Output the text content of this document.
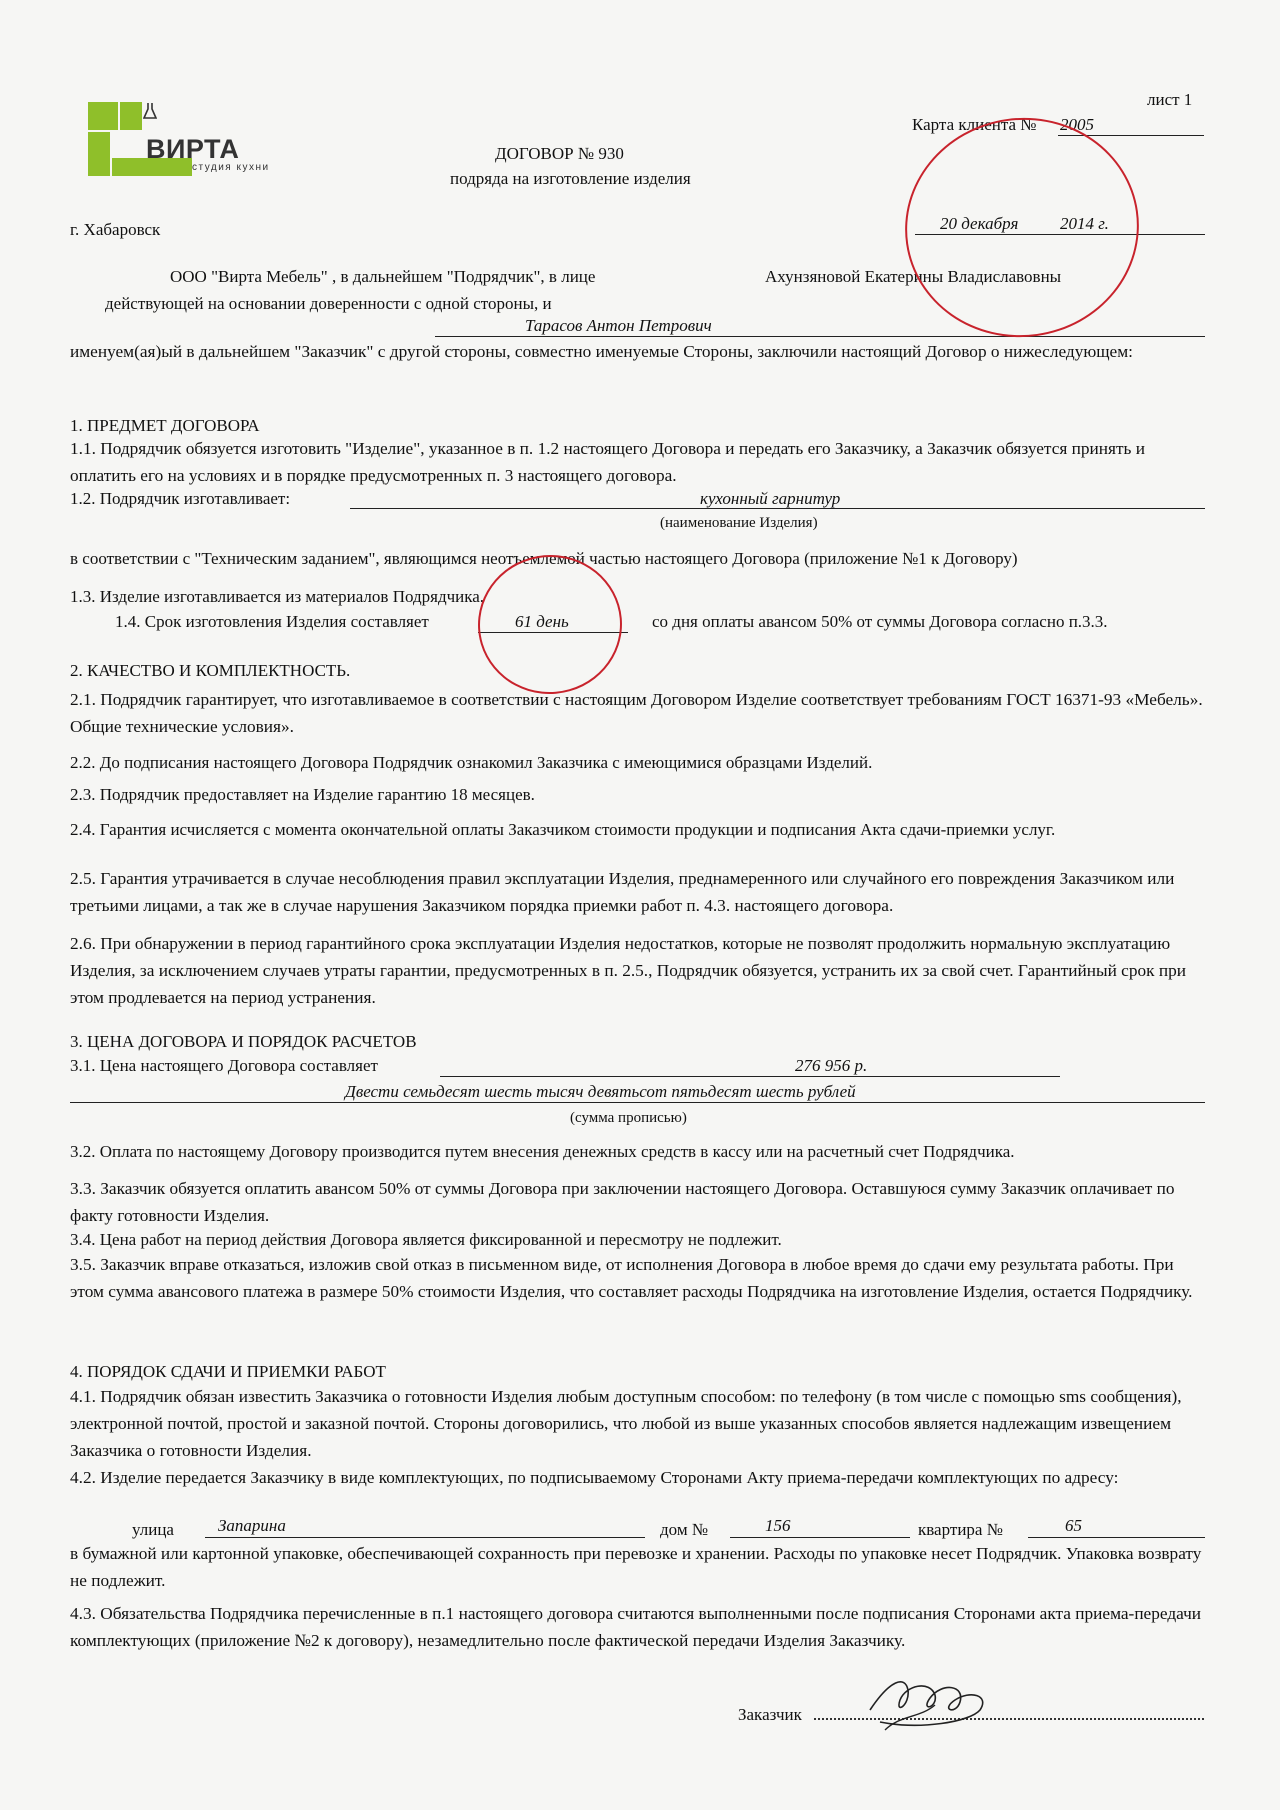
ВИРТА
студия кухни
лист 1
Карта клиента № 2005
ДОГОВОР № 930
подряда на изготовление изделия
г. Хабаровск	20 декабря 2014 г.
ООО "Вирта Мебель" , в дальнейшем "Подрядчик", в лице	Ахунзяновой Екатерины Владиславовны
действующей на основании доверенности с одной стороны, и
Тарасов Антон Петрович
именуем(ая)ый в дальнейшем "Заказчик" с другой стороны, совместно именуемые Стороны, заключили настоящий Договор о нижеследующем:
1. ПРЕДМЕТ ДОГОВОРА
1.1. Подрядчик обязуется изготовить "Изделие", указанное в п. 1.2 настоящего Договора и передать его Заказчику, а Заказчик обязуется принять и оплатить его на условиях и в порядке предусмотренных п. 3 настоящего договора.
1.2. Подрядчик изготавливает:	кухонный гарнитур
(наименование Изделия)
в соответствии с "Техническим заданием", являющимся неотъемлемой частью настоящего Договора (приложение №1 к Договору)
1.3. Изделие изготавливается из материалов Подрядчика.
1.4. Срок изготовления Изделия составляет	61 день	со дня оплаты авансом 50% от суммы Договора согласно п.3.3.
2. КАЧЕСТВО И КОМПЛЕКТНОСТЬ.
2.1. Подрядчик гарантирует, что изготавливаемое в соответствии с настоящим Договором Изделие соответствует требованиям ГОСТ 16371-93 «Мебель». Общие технические условия».
2.2. До подписания настоящего Договора Подрядчик ознакомил Заказчика с имеющимися образцами Изделий.
2.3. Подрядчик предоставляет на Изделие гарантию 18 месяцев.
2.4. Гарантия исчисляется с момента окончательной оплаты Заказчиком стоимости продукции и подписания Акта сдачи-приемки услуг.
2.5. Гарантия утрачивается в случае несоблюдения правил эксплуатации Изделия, преднамеренного или случайного его повреждения Заказчиком или третьими лицами, а так же в случае нарушения Заказчиком порядка приемки работ п. 4.3. настоящего договора.
2.6. При обнаружении в период гарантийного срока эксплуатации Изделия недостатков, которые не позволят продолжить нормальную эксплуатацию Изделия, за исключением случаев утраты гарантии, предусмотренных в п. 2.5., Подрядчик обязуется, устранить их за свой счет. Гарантийный срок при этом продлевается на период устранения.
3. ЦЕНА ДОГОВОРА И ПОРЯДОК РАСЧЕТОВ
3.1. Цена настоящего Договора составляет	276 956 р.
Двести семьдесят шесть тысяч девятьсот пятьдесят шесть рублей
(сумма прописью)
3.2. Оплата по настоящему Договору производится путем внесения денежных средств в кассу или на расчетный счет Подрядчика.
3.3. Заказчик обязуется оплатить авансом 50% от суммы Договора при заключении настоящего Договора. Оставшуюся сумму Заказчик оплачивает по факту готовности Изделия.
3.4. Цена работ на период действия Договора является фиксированной и пересмотру не подлежит.
3.5. Заказчик вправе отказаться, изложив свой отказ в письменном виде, от исполнения Договора в любое время до сдачи ему результата работы. При этом сумма авансового платежа в размере 50% стоимости Изделия, что составляет расходы Подрядчика на изготовление Изделия, остается Подрядчику.
4. ПОРЯДОК СДАЧИ И ПРИЕМКИ РАБОТ
4.1. Подрядчик обязан известить Заказчика о готовности Изделия любым доступным способом: по телефону (в том числе с помощью sms сообщения), электронной почтой, простой и заказной почтой. Стороны договорились, что любой из выше указанных способов является надлежащим извещением Заказчика о готовности Изделия.
4.2. Изделие передается Заказчику в виде комплектующих, по подписываемому Сторонами Акту приема-передачи комплектующих по адресу:
улица	Запарина	дом №	156	квартира №	65
в бумажной или картонной упаковке, обеспечивающей сохранность при перевозке и хранении. Расходы по упаковке несет Подрядчик. Упаковка возврату не подлежит.
4.3. Обязательства Подрядчика перечисленные в п.1 настоящего договора считаются выполненными после подписания Сторонами акта приема-передачи комплектующих (приложение №2 к договору), незамедлительно после фактической передачи Изделия Заказчику.
Заказчик
